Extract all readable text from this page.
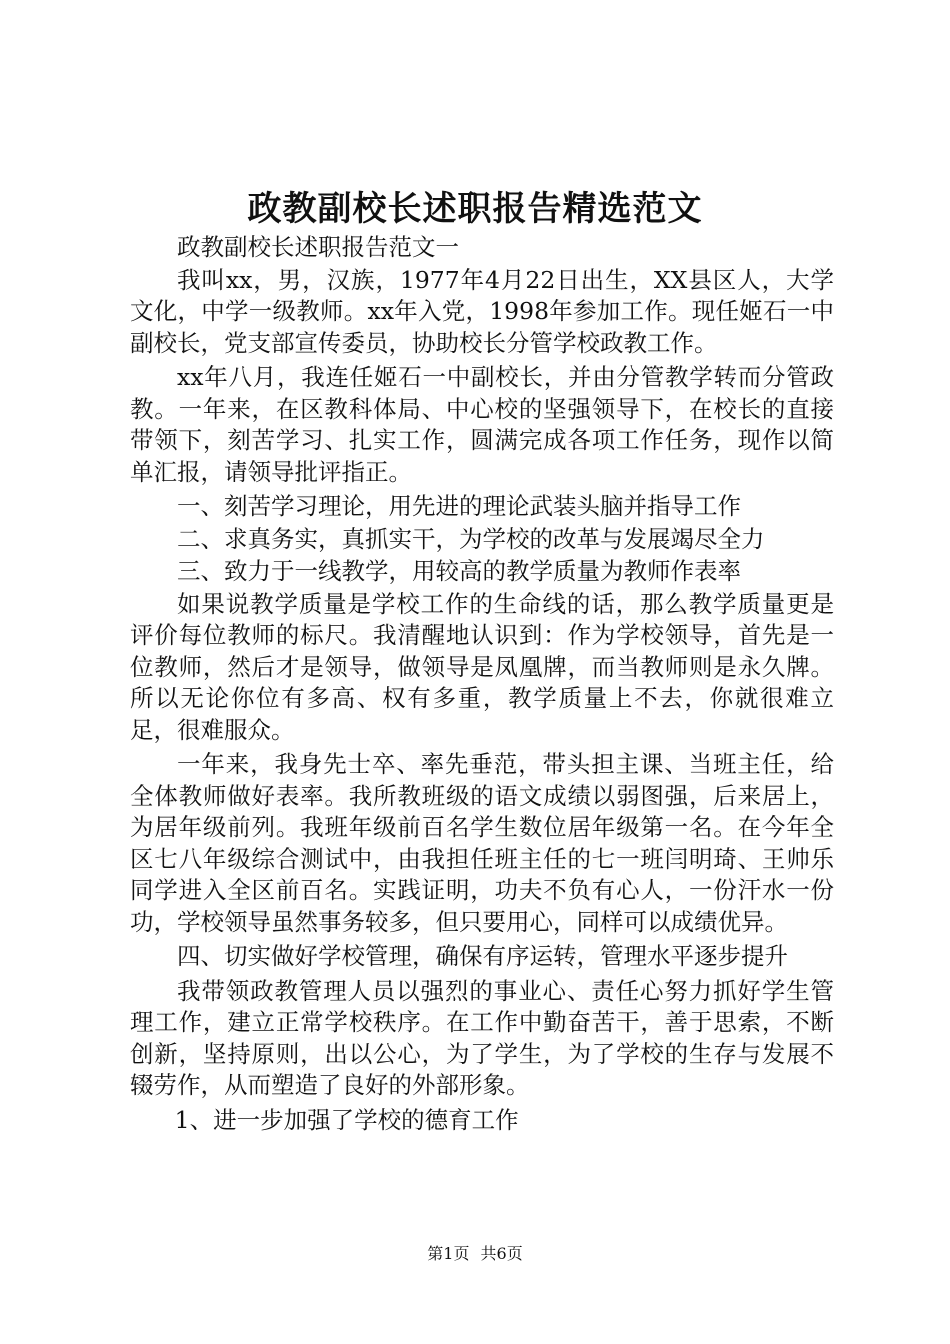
政教副校长述职报告精选范文

政教副校长述职报告范文一

我叫xx，男，汉族，1977年4月22日出生，XX县区人，大学文化，中学一级教师。xx年入党，1998年参加工作。现任姬石一中副校长，党支部宣传委员，协助校长分管学校政教工作。

xx年八月，我连任姬石一中副校长，并由分管教学转而分管政教。一年来，在区教科体局、中心校的坚强领导下，在校长的直接带领下，刻苦学习、扎实工作，圆满完成各项工作任务，现作以简单汇报，请领导批评指正。

一、刻苦学习理论，用先进的理论武装头脑并指导工作

二、求真务实，真抓实干，为学校的改革与发展竭尽全力

三、致力于一线教学，用较高的教学质量为教师作表率

如果说教学质量是学校工作的生命线的话，那么教学质量更是评价每位教师的标尺。我清醒地认识到：作为学校领导，首先是一位教师，然后才是领导，做领导是凤凰牌，而当教师则是永久牌。所以无论你位有多高、权有多重，教学质量上不去，你就很难立足，很难服众。

一年来，我身先士卒、率先垂范，带头担主课、当班主任，给全体教师做好表率。我所教班级的语文成绩以弱图强，后来居上，为居年级前列。我班年级前百名学生数位居年级第一名。在今年全区七八年级综合测试中，由我担任班主任的七一班闫明琦、王帅乐同学进入全区前百名。实践证明，功夫不负有心人，一份汗水一份功，学校领导虽然事务较多，但只要用心，同样可以成绩优异。

四、切实做好学校管理，确保有序运转，管理水平逐步提升

我带领政教管理人员以强烈的事业心、责任心努力抓好学生管理工作，建立正常学校秩序。在工作中勤奋苦干，善于思索，不断创新，坚持原则，出以公心，为了学生，为了学校的生存与发展不辍劳作，从而塑造了良好的外部形象。

1、进一步加强了学校的德育工作

第1页 共6页
